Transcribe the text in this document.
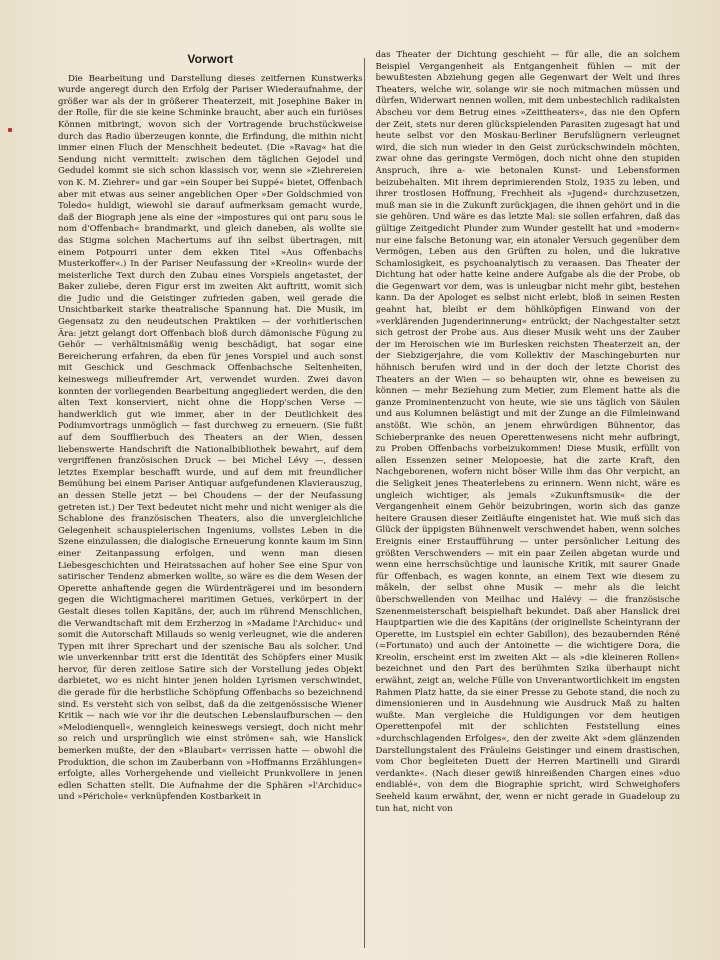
Vorwort

Die Bearbeitung und Darstellung dieses zeitfernen Kunstwerks wurde angeregt durch den Erfolg der Pariser Wiederaufnahme, der größer war als der in größerer Theaterzeit, mit Josephine Baker in der Rolle, für die sie keine Schminke braucht, aber auch ein furiöses Können mitbringt, wovon sich der Vortragende bruchstückweise durch das Radio überzeugen konnte, die Erfindung, die mithin nicht immer einen Fluch der Menschheit bedeutet. (Die »Ravag« hat die Sendung nicht vermittelt: zwischen dem täglichen Gejodel und Gedudel kommt sie sich schon klassisch vor, wenn sie »Ziehrereien von K. M. Ziehrer« und gar »ein Souper bei Suppé« bietet, Offenbach aber mit etwas aus seiner angeblichen Oper »Der Goldschmied von Toledo« huldigt, wiewohl sie darauf aufmerksam gemacht wurde, daß der Biograph jene als eine der »impostures qui ont paru sous le nom d'Offenbach« brandmarkt, und gleich daneben, als wollte sie das Stigma solchen Machertums auf ihn selbst übertragen, mit einem Potpourri unter dem ekken Titel »Aus Offenbachs Musterkoffer«.) In der Pariser Neufassung der »Kreolin« wurde der meisterliche Text durch den Zubau eines Vorspiels angetastet, der Baker zuliebe, deren Figur erst im zweiten Akt auftritt, womit sich die Judic und die Geistinger zufrieden gaben, weil gerade die Unsichtbarkeit starke theatralische Spannung hat. Die Musik, im Gegensatz zu den neudeutschen Praktiken — der vorhitlerischen Ära: jetzt gelangt dort Offenbach bloß durch dämonische Fügung zu Gehör — verhältnismäßig wenig beschädigt, hat sogar eine Bereicherung erfahren, da eben für jenes Vorspiel und auch sonst mit Geschick und Geschmack Offenbachsche Seltenheiten, keineswegs milieufremder Art, verwendet wurden. Zwei davon konnten der vorliegenden Bearbeitung angegliedert werden, die den alten Text konserviert, nicht ohne die Hopp'schen Verse — handwerklich gut wie immer, aber in der Deutlichkeit des Podiumvortrags unmöglich — fast durchweg zu erneuern. (Sie fußt auf dem Soufflierbuch des Theaters an der Wien, dessen liebenswerte Handschrift die Nationalbibliothek bewahrt, auf dem vergriffenen französischen Druck — bei Michel Lévy —, dessen letztes Exemplar beschafft wurde, und auf dem mit freundlicher Bemühung bei einem Pariser Antiquar aufgefundenen Klavierauszug, an dessen Stelle jetzt — bei Choudens — der der Neufassung getreten ist.) Der Text bedeutet nicht mehr und nicht weniger als die Schablone des französischen Theaters, also die unvergleichliche Gelegenheit schauspielerischen Ingeniums, vollstes Leben in die Szene einzulassen; die dialogische Erneuerung konnte kaum im Sinn einer Zeitanpassung erfolgen, und wenn man diesen Liebesgeschichten und Heiratssachen auf hoher See eine Spur von satirischer Tendenz abmerken wollte, so wäre es die dem Wesen der Operette anhaftende gegen die Würdenträgerei und im besondern gegen die Wichtigmacherei maritimen Getues, verkörpert in der Gestalt dieses tollen Kapitäns, der, auch im rührend Menschlichen, die Verwandtschaft mit dem Erzherzog in »Madame l'Archiduc« und somit die Autorschaft Millauds so wenig verleugnet, wie die anderen Typen mit ihrer Sprechart und der szenische Bau als solcher. Und wie unverkennbar tritt erst die Identität des Schöpfers einer Musik hervor, für deren zeitlose Satire sich der Vorstellung jedes Objekt darbietet, wo es nicht hinter jenen holden Lyrismen verschwindet, die gerade für die herbstliche Schöpfung Offenbachs so bezeichnend sind. Es versteht sich von selbst, daß da die zeitgenössische Wiener Kritik — nach wie vor ihr die deutschen Lebenslaufburschen — den »Melodienquell«, wenngleich keineswegs versiegt, doch nicht mehr so reich und ursprünglich wie einst strömen« sah, wie Hanslick bemerken mußte, der den »Blaubart« verrissen hatte — obwohl die Produktion, die schon im Zauberbann von »Hoffmanns Erzählungen« erfolgte, alles Vorhergehende und vielleicht Prunkvollere in jenen edlen Schatten stellt. Die Aufnahme der die Sphären »l'Archiduc« und »Périchole« verknüpfenden Kostbarkeit in

das Theater der Dichtung geschieht — für alle, die an solchem Beispiel Vergangenheit als Entgangenheit fühlen — mit der bewußtesten Abziehung gegen alle Gegenwart der Welt und ihres Theaters, welche wir, solange wir sie noch mitmachen müssen und dürfen, Widerwart nennen wollen, mit dem unbestechlich radikalsten Abscheu vor dem Betrug eines »Zeittheaters«, das nie den Opfern der Zeit, stets nur deren glückspielenden Parasiten zugesagt hat und heute selbst vor den Moskau-Berliner Berufslügnern verleugnet wird, die sich nun wieder in den Geist zurückschwindeln möchten, zwar ohne das geringste Vermögen, doch nicht ohne den stupiden Anspruch, ihre a- wie betonalen Kunst- und Lebensformen beizubehalten. Mit ihrem deprimierenden Stolz, 1935 zu leben, und ihrer trostlosen Hoffnung, Frechheit als »Jugend« durchzusetzen, muß man sie in die Zukunft zurückjagen, die ihnen gehört und in die sie gehören. Und wäre es das letzte Mal: sie sollen erfahren, daß das gültige Zeitgedicht Plunder zum Wunder gestellt hat und »modern« nur eine falsche Betonung war, ein atonaler Versuch gegenüber dem Vermögen, Leben aus den Grüften zu holen, und die lukrative Schamlosigkeit, es psychoanalytisch zu veraasen. Das Theater der Dichtung hat oder hatte keine andere Aufgabe als die der Probe, ob die Gegenwart vor dem, was is unleugbar nicht mehr gibt, bestehen kann. Da der Apologet es selbst nicht erlebt, bloß in seinen Resten geahnt hat, bleibt er dem höhlköpfigen Einwand von der »verklärenden Jugenderinnerung« entrückt; der Nachgestalter setzt sich getrost der Probe aus. Aus dieser Musik weht uns der Zauber der im Heroischen wie im Burlesken reichsten Theaterzeit an, der der Siebzigerjahre, die vom Kollektiv der Maschingeburten nur höhnisch berufen wird und in der doch der letzte Chorist des Theaters an der Wien — so behaupten wir, ohne es beweisen zu können — mehr Beziehung zum Metier, zum Element hatte als die ganze Prominentenzucht von heute, wie sie uns täglich von Säulen und aus Kolumnen belästigt und mit der Zunge an die Filmleinwand anstößt. Wie schön, an jenem ehrwürdigen Bühnentor, das Schieberpranke des neuen Operettenwesens nicht mehr aufbringt, zu Proben Offenbachs vorbeizukommen! Diese Musik, erfüllt von allen Essenzen seiner Melopoesie, hat die zarte Kraft, den Nachgeborenen, wofern nicht böser Wille ihm das Ohr verpicht, an die Seligkeit jenes Theaterlebens zu erinnern. Wenn nicht, wäre es ungleich wichtiger, als jemals »Zukunftsmusik« die der Vergangenheit einem Gehör beizubringen, worin sich das ganze heitere Grausen dieser Zeitläufte eingenistet hat. Wie muß sich das Glück der üppigsten Bühnenwelt verschwendet haben, wenn solches Ereignis einer Erstaufführung — unter persönlicher Leitung des größten Verschwenders — mit ein paar Zeilen abgetan wurde und wenn eine herrschsüchtige und launische Kritik, mit saurer Gnade für Offenbach, es wagen konnte, an einem Text wie diesem zu mäkeln, der selbst ohne Musik — mehr als die leicht überschwellenden von Meilhac und Halévy — die französische Szenenmeisterschaft beispielhaft bekundet. Daß aber Hanslick drei Hauptpartien wie die des Kapitäns (der originellste Scheintyrann der Operette, im Lustspiel ein echter Gabillon), des bezaubernden Réné (=Fortunato) und auch der Antoinette — die wichtigere Dora, die Kreolin, erscheint erst im zweiten Akt — als »die kleineren Rollen« bezeichnet und den Part des berühmten Szika überhaupt nicht erwähnt, zeigt an, welche Fülle von Unverantwortlichkeit im engsten Rahmen Platz hatte, da sie einer Presse zu Gebote stand, die noch zu dimensionieren und in Ausdehnung wie Ausdruck Maß zu halten wußte. Man vergleiche die Huldigungen vor dem heutigen Operettenpofel mit der schlichten Feststellung eines »durchschlagenden Erfolges«, den der zweite Akt »dem glänzenden Darstellungstalent des Fräuleins Geistinger und einem drastischen, vom Chor begleiteten Duett der Herren Martinelli und Girardi verdankte«. (Nach dieser gewiß hinreißenden Chargen eines »duo endiablé«, von dem die Biographie spricht, wird Schweighofers Seeheld kaum erwähnt, der, wenn er nicht gerade in Guadeloup zu tun hat, nicht von
